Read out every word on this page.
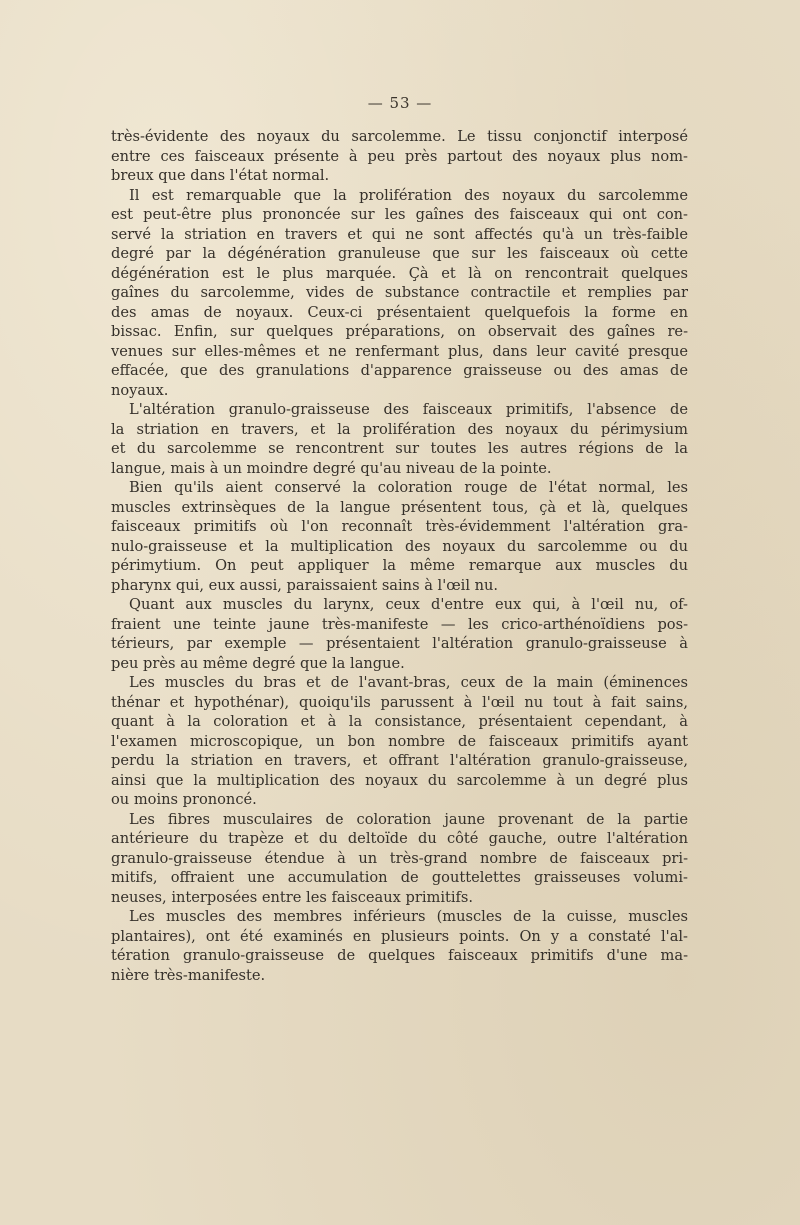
— 53 —
très-évidente des noyaux du sarcolemme. Le tissu conjonctif interposé
entre ces faisceaux présente à peu près partout des noyaux plus nom-
breux que dans l'état normal.
Il est remarquable que la prolifération des noyaux du sarcolemme
est peut-être plus prononcée sur les gaînes des faisceaux qui ont con-
servé la striation en travers et qui ne sont affectés qu'à un très-faible
degré par la dégénération granuleuse que sur les faisceaux où cette
dégénération est le plus marquée. Çà et là on rencontrait quelques
gaînes du sarcolemme, vides de substance contractile et remplies par
des amas de noyaux. Ceux-ci présentaient quelquefois la forme en
bissac. Enfin, sur quelques préparations, on observait des gaînes re-
venues sur elles-mêmes et ne renfermant plus, dans leur cavité presque
effacée, que des granulations d'apparence graisseuse ou des amas de
noyaux.
L'altération granulo-graisseuse des faisceaux primitifs, l'absence de
la striation en travers, et la prolifération des noyaux du périmysium
et du sarcolemme se rencontrent sur toutes les autres régions de la
langue, mais à un moindre degré qu'au niveau de la pointe.
Bien qu'ils aient conservé la coloration rouge de l'état normal, les
muscles extrinsèques de la langue présentent tous, çà et là, quelques
faisceaux primitifs où l'on reconnaît très-évidemment l'altération gra-
nulo-graisseuse et la multiplication des noyaux du sarcolemme ou du
périmytium. On peut appliquer la même remarque aux muscles du
pharynx qui, eux aussi, paraissaient sains à l'œil nu.
Quant aux muscles du larynx, ceux d'entre eux qui, à l'œil nu, of-
fraient une teinte jaune très-manifeste — les crico-arthénoïdiens pos-
térieurs, par exemple — présentaient l'altération granulo-graisseuse à
peu près au même degré que la langue.
Les muscles du bras et de l'avant-bras, ceux de la main (éminences
thénar et hypothénar), quoiqu'ils parussent à l'œil nu tout à fait sains,
quant à la coloration et à la consistance, présentaient cependant, à
l'examen microscopique, un bon nombre de faisceaux primitifs ayant
perdu la striation en travers, et offrant l'altération granulo-graisseuse,
ainsi que la multiplication des noyaux du sarcolemme à un degré plus
ou moins prononcé.
Les fibres musculaires de coloration jaune provenant de la partie
antérieure du trapèze et du deltoïde du côté gauche, outre l'altération
granulo-graisseuse étendue à un très-grand nombre de faisceaux pri-
mitifs, offraient une accumulation de gouttelettes graisseuses volumi-
neuses, interposées entre les faisceaux primitifs.
Les muscles des membres inférieurs (muscles de la cuisse, muscles
plantaires), ont été examinés en plusieurs points. On y a constaté l'al-
tération granulo-graisseuse de quelques faisceaux primitifs d'une ma-
nière très-manifeste.
